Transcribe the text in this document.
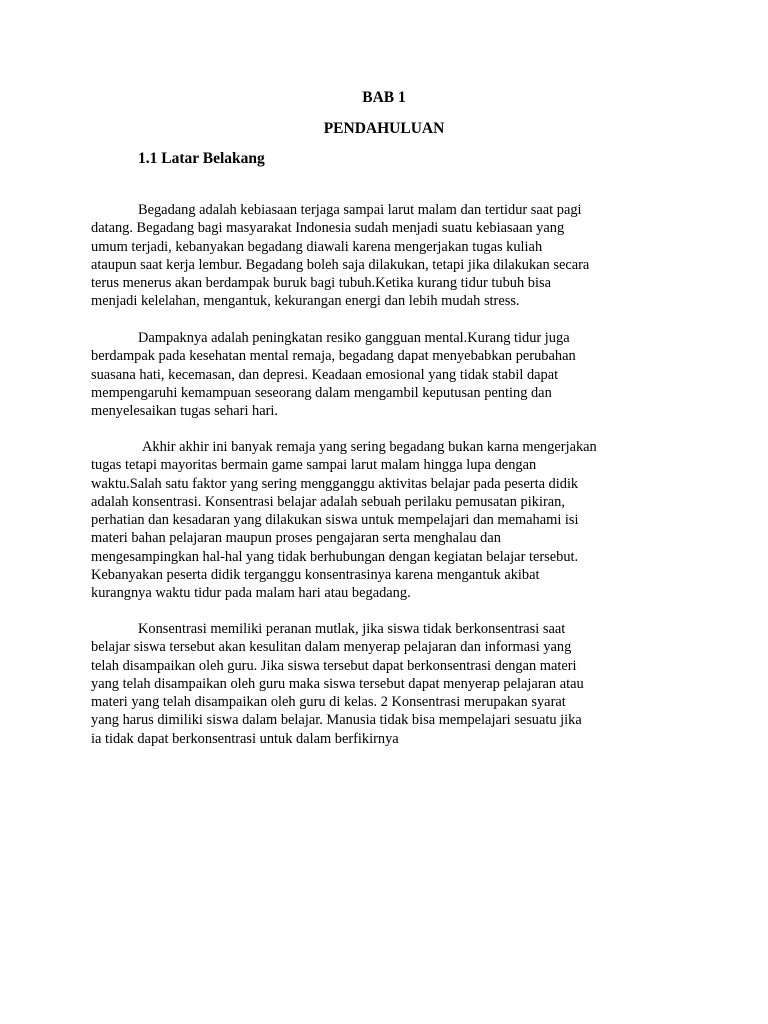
BAB 1
PENDAHULUAN
1.1 Latar Belakang
Begadang adalah kebiasaan terjaga sampai larut malam dan tertidur saat pagi
datang. Begadang bagi masyarakat Indonesia sudah menjadi suatu kebiasaan yang
umum terjadi, kebanyakan begadang diawali karena mengerjakan tugas kuliah
ataupun saat kerja lembur. Begadang boleh saja dilakukan, tetapi jika dilakukan secara
terus menerus akan berdampak buruk bagi tubuh.Ketika kurang tidur tubuh bisa
menjadi kelelahan, mengantuk, kekurangan energi dan lebih mudah stress.
Dampaknya adalah peningkatan resiko gangguan mental.Kurang tidur juga
berdampak pada kesehatan mental remaja, begadang dapat menyebabkan perubahan
suasana hati, kecemasan, dan depresi. Keadaan emosional yang tidak stabil dapat
mempengaruhi kemampuan seseorang dalam mengambil keputusan penting dan
menyelesaikan tugas sehari hari.
Akhir akhir ini banyak remaja yang sering begadang bukan karna mengerjakan
tugas tetapi mayoritas bermain game sampai larut malam hingga lupa dengan
waktu.Salah satu faktor yang sering mengganggu aktivitas belajar pada peserta didik
adalah konsentrasi. Konsentrasi belajar adalah sebuah perilaku pemusatan pikiran,
perhatian dan kesadaran yang dilakukan siswa untuk mempelajari dan memahami isi
materi bahan pelajaran maupun proses pengajaran serta menghalau dan
mengesampingkan hal-hal yang tidak berhubungan dengan kegiatan belajar tersebut.
Kebanyakan peserta didik terganggu konsentrasinya karena mengantuk akibat
kurangnya waktu tidur pada malam hari atau begadang.
Konsentrasi memiliki peranan mutlak, jika siswa tidak berkonsentrasi saat
belajar siswa tersebut akan kesulitan dalam menyerap pelajaran dan informasi yang
telah disampaikan oleh guru. Jika siswa tersebut dapat berkonsentrasi dengan materi
yang telah disampaikan oleh guru maka siswa tersebut dapat menyerap pelajaran atau
materi yang telah disampaikan oleh guru di kelas. 2 Konsentrasi merupakan syarat
yang harus dimiliki siswa dalam belajar. Manusia tidak bisa mempelajari sesuatu jika
ia tidak dapat berkonsentrasi untuk dalam berfikirnya
